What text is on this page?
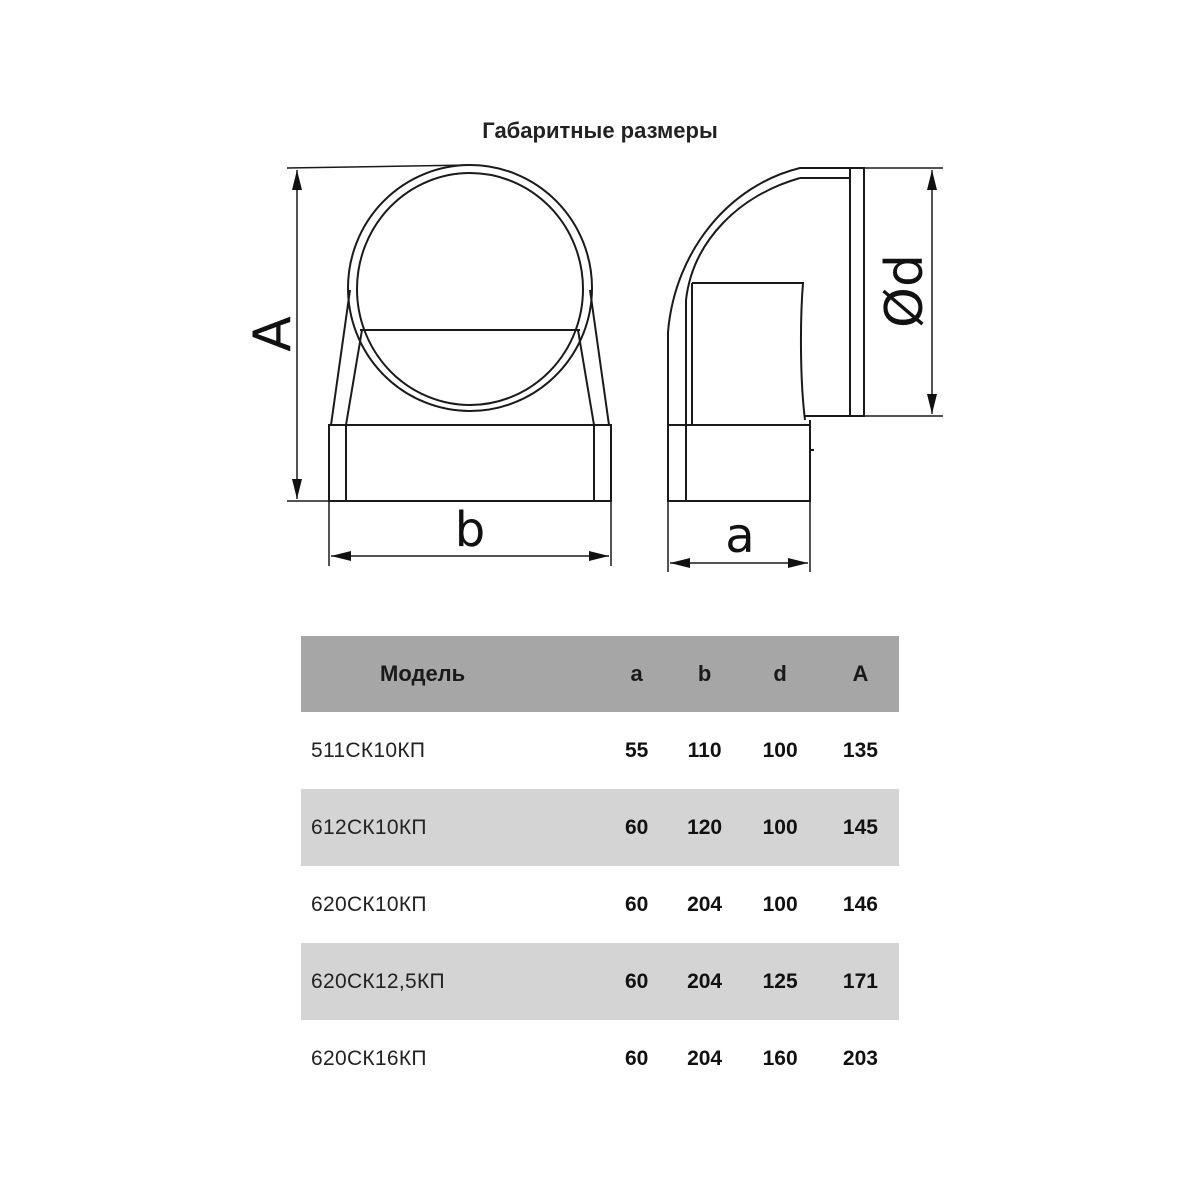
Габаритные размеры
A
b	a
Ød
Модель	a	b	d	A
511СК10КП	55	110	100	135
612СК10КП	60	120	100	145
620СК10КП	60	204	100	146
620СК12,5КП	60	204	125	171
620СК16КП	60	204	160	203
